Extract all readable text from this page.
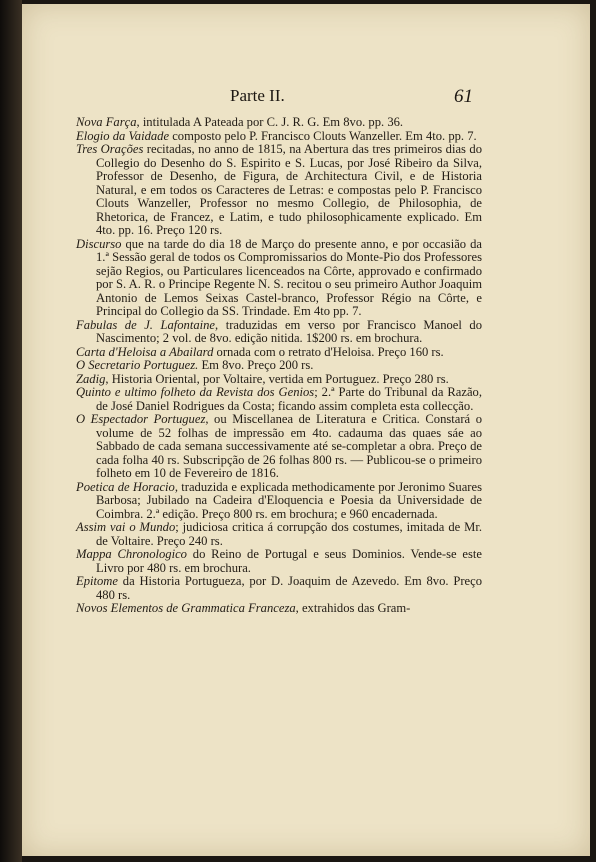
Parte II.	61

Nova Farça, intitulada A Pateada por C. J. R. G. Em 8vo. pp. 36.

Elogio da Vaidade composto pelo P. Francisco Clouts Wanzeller. Em 4to. pp. 7.

Tres Orações recitadas, no anno de 1815, na Abertura das tres primeiros dias do Collegio do Desenho do S. Espirito e S. Lucas, por José Ribeiro da Silva, Professor de Desenho, de Figura, de Architectura Civil, e de Historia Natural, e em todos os Caracteres de Letras: e compostas pelo P. Francisco Clouts Wanzeller, Professor no mesmo Collegio, de Philosophia, de Rhetorica, de Francez, e Latim, e tudo philosophicamente explicado. Em 4to. pp. 16. Preço 120 rs.

Discurso que na tarde do dia 18 de Março do presente anno, e por occasião da 1.ª Sessão geral de todos os Compromissarios do Monte-Pio dos Professores sejão Regios, ou Particulares licenceados na Côrte, approvado e confirmado por S. A. R. o Principe Regente N. S. recitou o seu primeiro Author Joaquim Antonio de Lemos Seixas Castel-branco, Professor Régio na Côrte, e Principal do Collegio da SS. Trindade. Em 4to pp. 7.

Fabulas de J. Lafontaine, traduzidas em verso por Francisco Manoel do Nascimento; 2 vol. de 8vo. edição nitida. 1$200 rs. em brochura.

Carta d'Heloisa a Abailard ornada com o retrato d'Heloisa. Preço 160 rs.

O Secretario Portuguez. Em 8vo. Preço 200 rs.

Zadig, Historia Oriental, por Voltaire, vertida em Portuguez. Preço 280 rs.

Quinto e ultimo folheto da Revista dos Genios; 2.ª Parte do Tribunal da Razão, de José Daniel Rodrigues da Costa; ficando assim completa esta collecção.

O Espectador Portuguez, ou Miscellanea de Literatura e Critica. Constará o volume de 52 folhas de impressão em 4to. cadauma das quaes sáe ao Sabbado de cada semana successivamente até se-completar a obra. Preço de cada folha 40 rs. Subscripção de 26 folhas 800 rs. — Publicou-se o primeiro folheto em 10 de Fevereiro de 1816.

Poetica de Horacio, traduzida e explicada methodicamente por Jeronimo Suares Barbosa; Jubilado na Cadeira d'Eloquencia e Poesia da Universidade de Coimbra. 2.ª edição. Preço 800 rs. em brochura; e 960 encadernada.

Assim vai o Mundo; judiciosa critica á corrupção dos costumes, imitada de Mr. de Voltaire. Preço 240 rs.

Mappa Chronologico do Reino de Portugal e seus Dominios. Vende-se este Livro por 480 rs. em brochura.

Epitome da Historia Portugueza, por D. Joaquim de Azevedo. Em 8vo. Preço 480 rs.

Novos Elementos de Grammatica Franceza, extrahidos das Gram-
